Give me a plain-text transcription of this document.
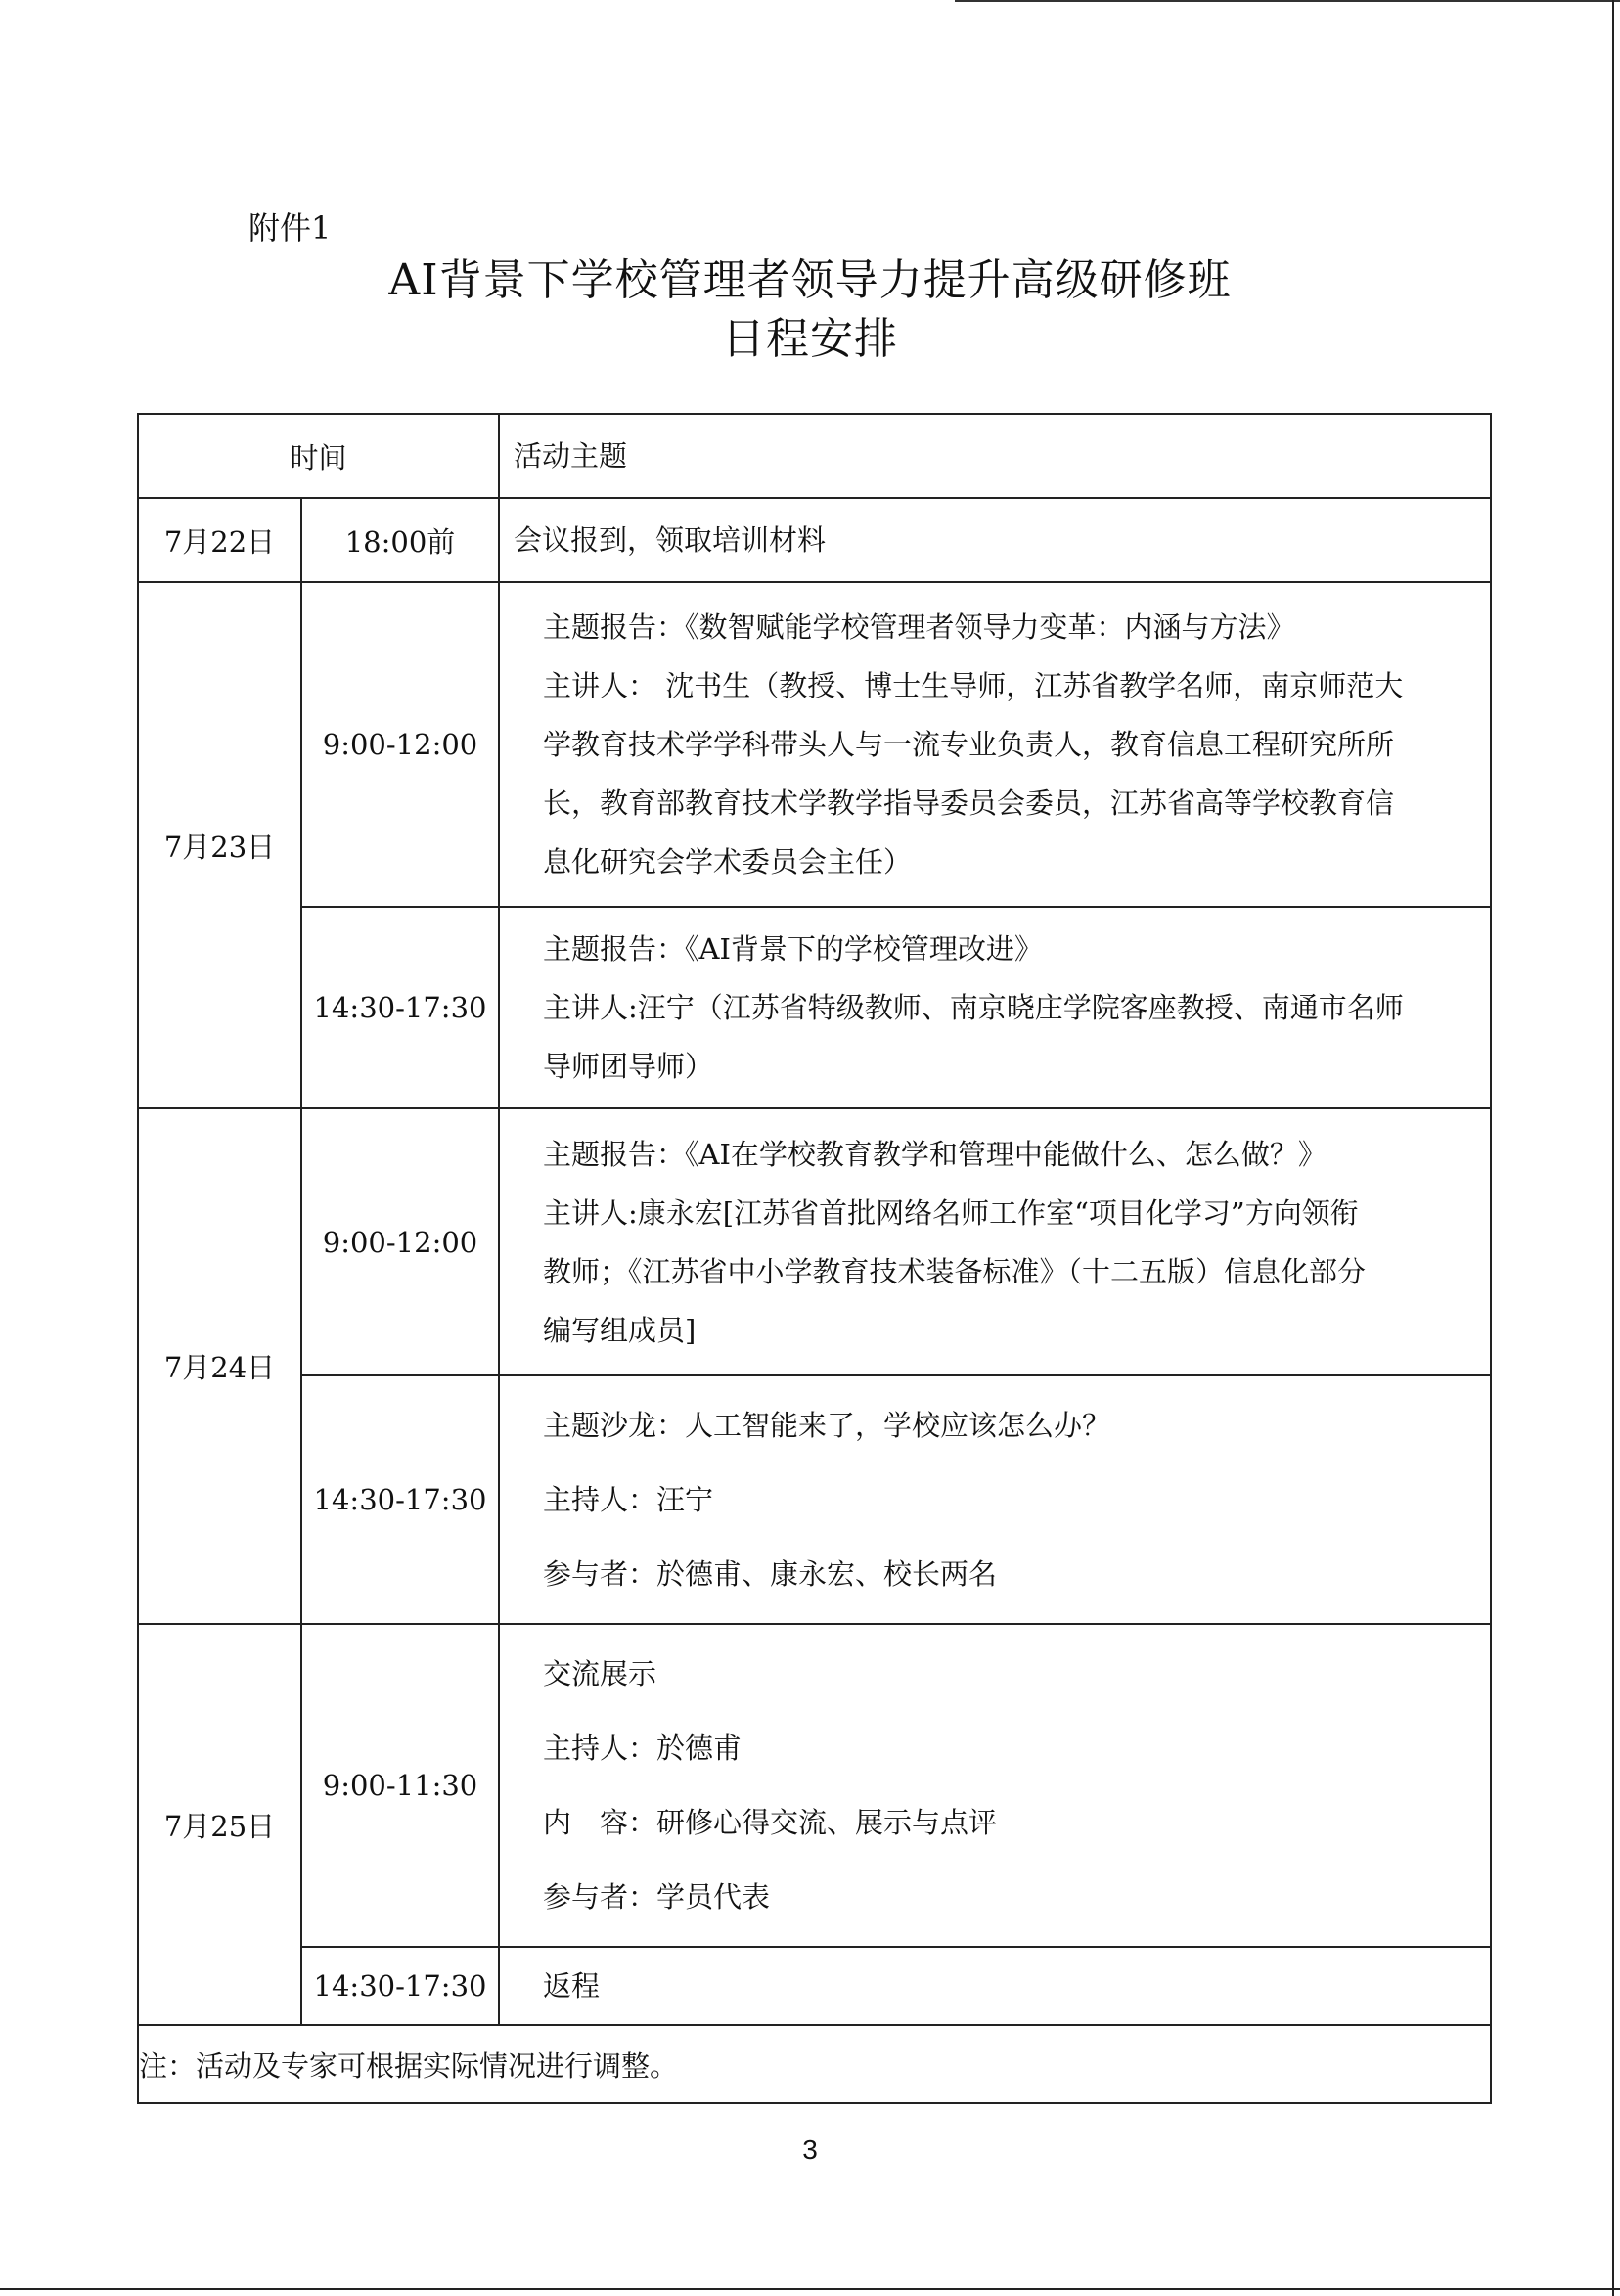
附件1
AI背景下学校管理者领导力提升高级研修班
日程安排
时间		活动主题

7月22日	18:00前	会议报到，领取培训材料

7月23日	9:00-12:00	主题报告：《数智赋能学校管理者领导力变革：内涵与方法》

主讲人： 沈书生（教授、博士生导师，江苏省教学名师，南京师范大

学教育技术学学科带头人与一流专业负责人，教育信息工程研究所所

长，教育部教育技术学教学指导委员会委员，江苏省高等学校教育信

息化研究会学术委员会主任）

	14:30-17:30	主题报告：《AI背景下的学校管理改进》

主讲人:汪宁（江苏省特级教师、南京晓庄学院客座教授、南通市名师

导师团导师）

7月24日	9:00-12:00	主题报告：《AI在学校教育教学和管理中能做什么、怎么做？》

主讲人:康永宏[江苏省首批网络名师工作室“项目化学习”方向领衔

教师；《江苏省中小学教育技术装备标准》（十二五版）信息化部分

编写组成员]

	14:30-17:30	主题沙龙：人工智能来了，学校应该怎么办？

主持人：汪宁

参与者：於德甫、康永宏、校长两名

7月25日	9:00-11:30	交流展示

主持人：於德甫

内　容：研修心得交流、展示与点评

参与者：学员代表

	14:30-17:30	返程

注：活动及专家可根据实际情况进行调整。		
3
